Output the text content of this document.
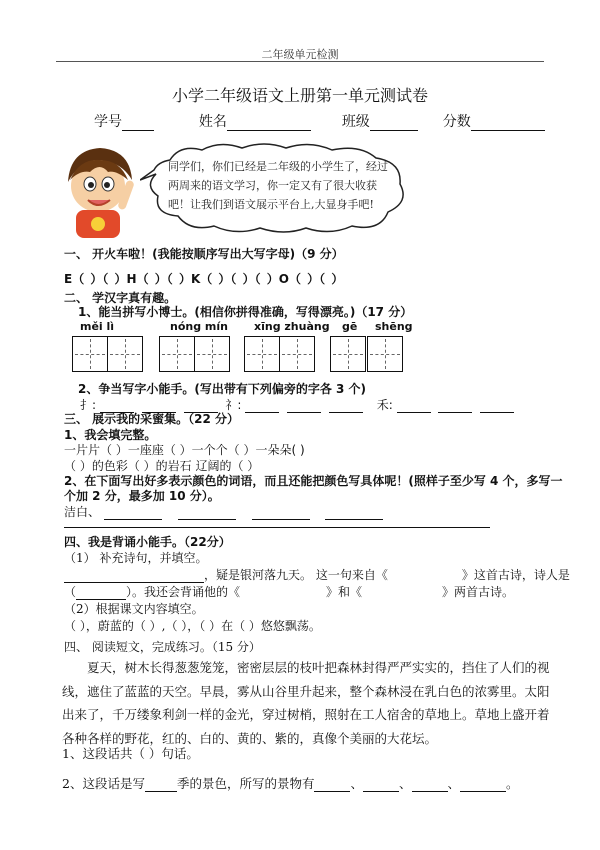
二年级单元检测
小学二年级语文上册第一单元测试卷
学号	姓名	班级	分数
同学们，你们已经是二年级的小学生了，经过两周来的语文学习，你一定又有了很大收获吧！让我们到语文展示平台上,大显身手吧!
一、 开火车啦！(我能按顺序写出大写字母)（9 分）
E（ ）（ ）H（ ）（ ）K（ ）（ ）（ ）O（ ）（ ）
二、 学汉字真有趣。
1、能当拼写小博士。(相信你拼得准确，写得漂亮。)（17 分）
měi lì	nóng mín xīng zhuàng gē shēng
2、争当写字小能手。(写出带有下列偏旁的字各 3 个)
扌:	礻:	禾:
三、 展示我的采蜜集。（22 分）
1、我会填完整。
一片片（ ）一座座（ ）一个个（ ）一朵朵( )
（ ）的色彩（ ）的岩石 辽阔的（ ）
2、在下面写出好多表示颜色的词语，而且还能把颜色写具体呢！(照样子至少写 4 个，多写一
个加 2 分，最多加 10 分）。
洁白、
四、我是背诵小能手。（22分）
（1） 补充诗句，并填空。
，疑是银河落九天。 这一句来自《	》这首古诗，诗人是
（	）。我还会背诵他的《	》和《	》两首古诗。
（2）根据课文内容填空。
（ ），蔚蓝的（ ）,（ ），（ ）在（ ）悠悠飘荡。
四、 阅读短文，完成练习。（15 分）
夏天，树木长得葱葱笼笼，密密层层的枝叶把森林封得严严实实的，挡住了人们的视线，遮住了蓝蓝的天空。早晨，雾从山谷里升起来，整个森林浸在乳白色的浓雾里。太阳出来了，千万缕象利剑一样的金光，穿过树梢，照射在工人宿舍的草地上。草地上盛开着各种各样的野花，红的、白的、黄的、紫的，真像个美丽的大花坛。
1、这段话共（ ）句话。
2、这段话是写	季的景色，所写的景物有	、	、	、	。
